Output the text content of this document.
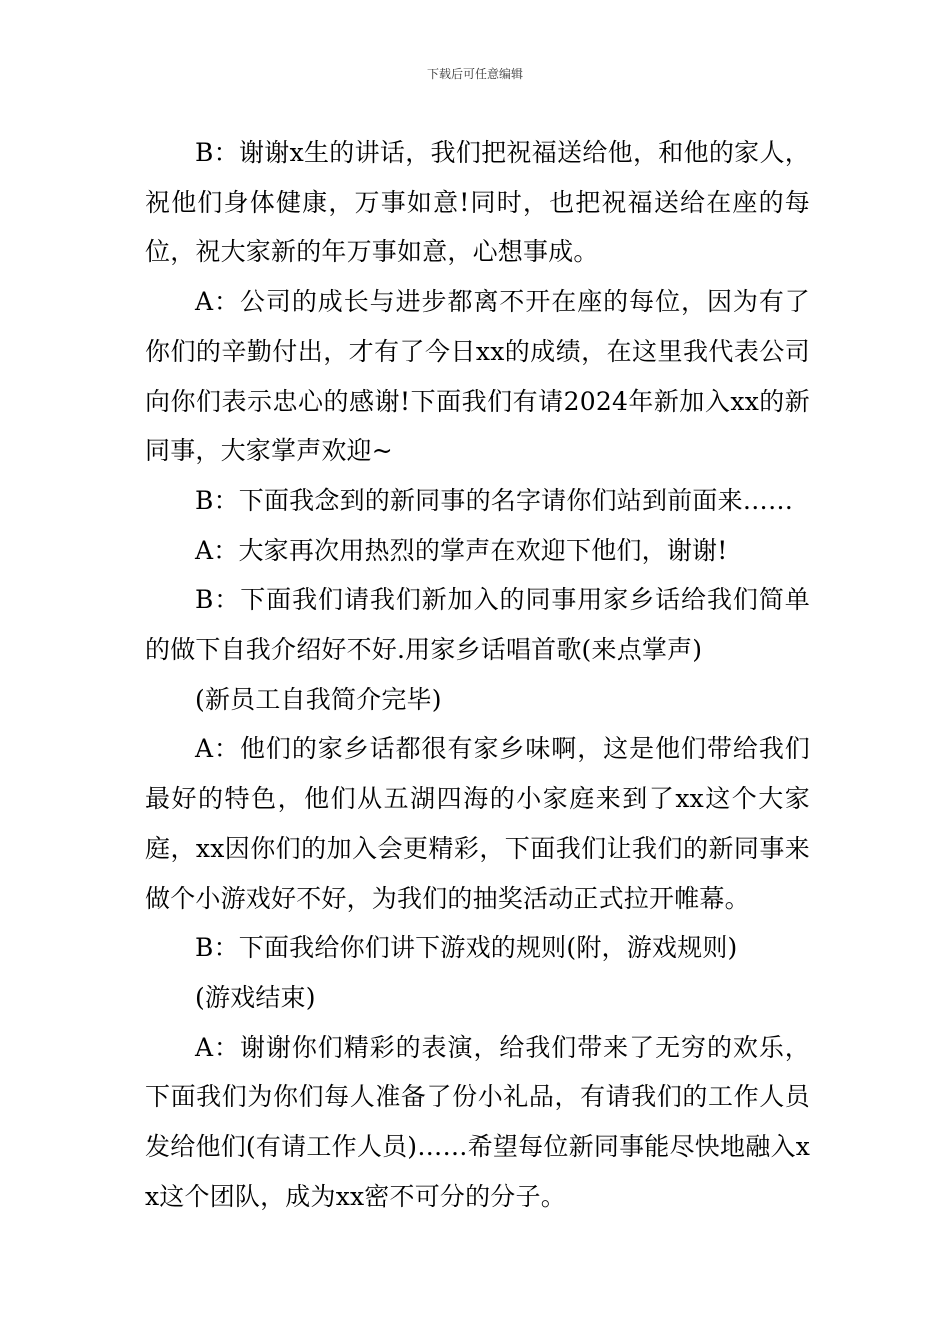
下载后可任意编辑

B：谢谢x生的讲话，我们把祝福送给他，和他的家人，祝他们身体健康，万事如意!同时，也把祝福送给在座的每位，祝大家新的年万事如意，心想事成。

A：公司的成长与进步都离不开在座的每位，因为有了你们的辛勤付出，才有了今日xx的成绩，在这里我代表公司向你们表示忠心的感谢!下面我们有请2024年新加入xx的新同事，大家掌声欢迎~

B：下面我念到的新同事的名字请你们站到前面来……

A：大家再次用热烈的掌声在欢迎下他们，谢谢!

B：下面我们请我们新加入的同事用家乡话给我们简单的做下自我介绍好不好.用家乡话唱首歌(来点掌声)

(新员工自我简介完毕)

A：他们的家乡话都很有家乡味啊，这是他们带给我们最好的特色，他们从五湖四海的小家庭来到了xx这个大家庭，xx因你们的加入会更精彩，下面我们让我们的新同事来做个小游戏好不好，为我们的抽奖活动正式拉开帷幕。

B：下面我给你们讲下游戏的规则(附，游戏规则)

(游戏结束)

A：谢谢你们精彩的表演，给我们带来了无穷的欢乐，下面我们为你们每人准备了份小礼品，有请我们的工作人员发给他们(有请工作人员)……希望每位新同事能尽快地融入xx这个团队，成为xx密不可分的分子。
